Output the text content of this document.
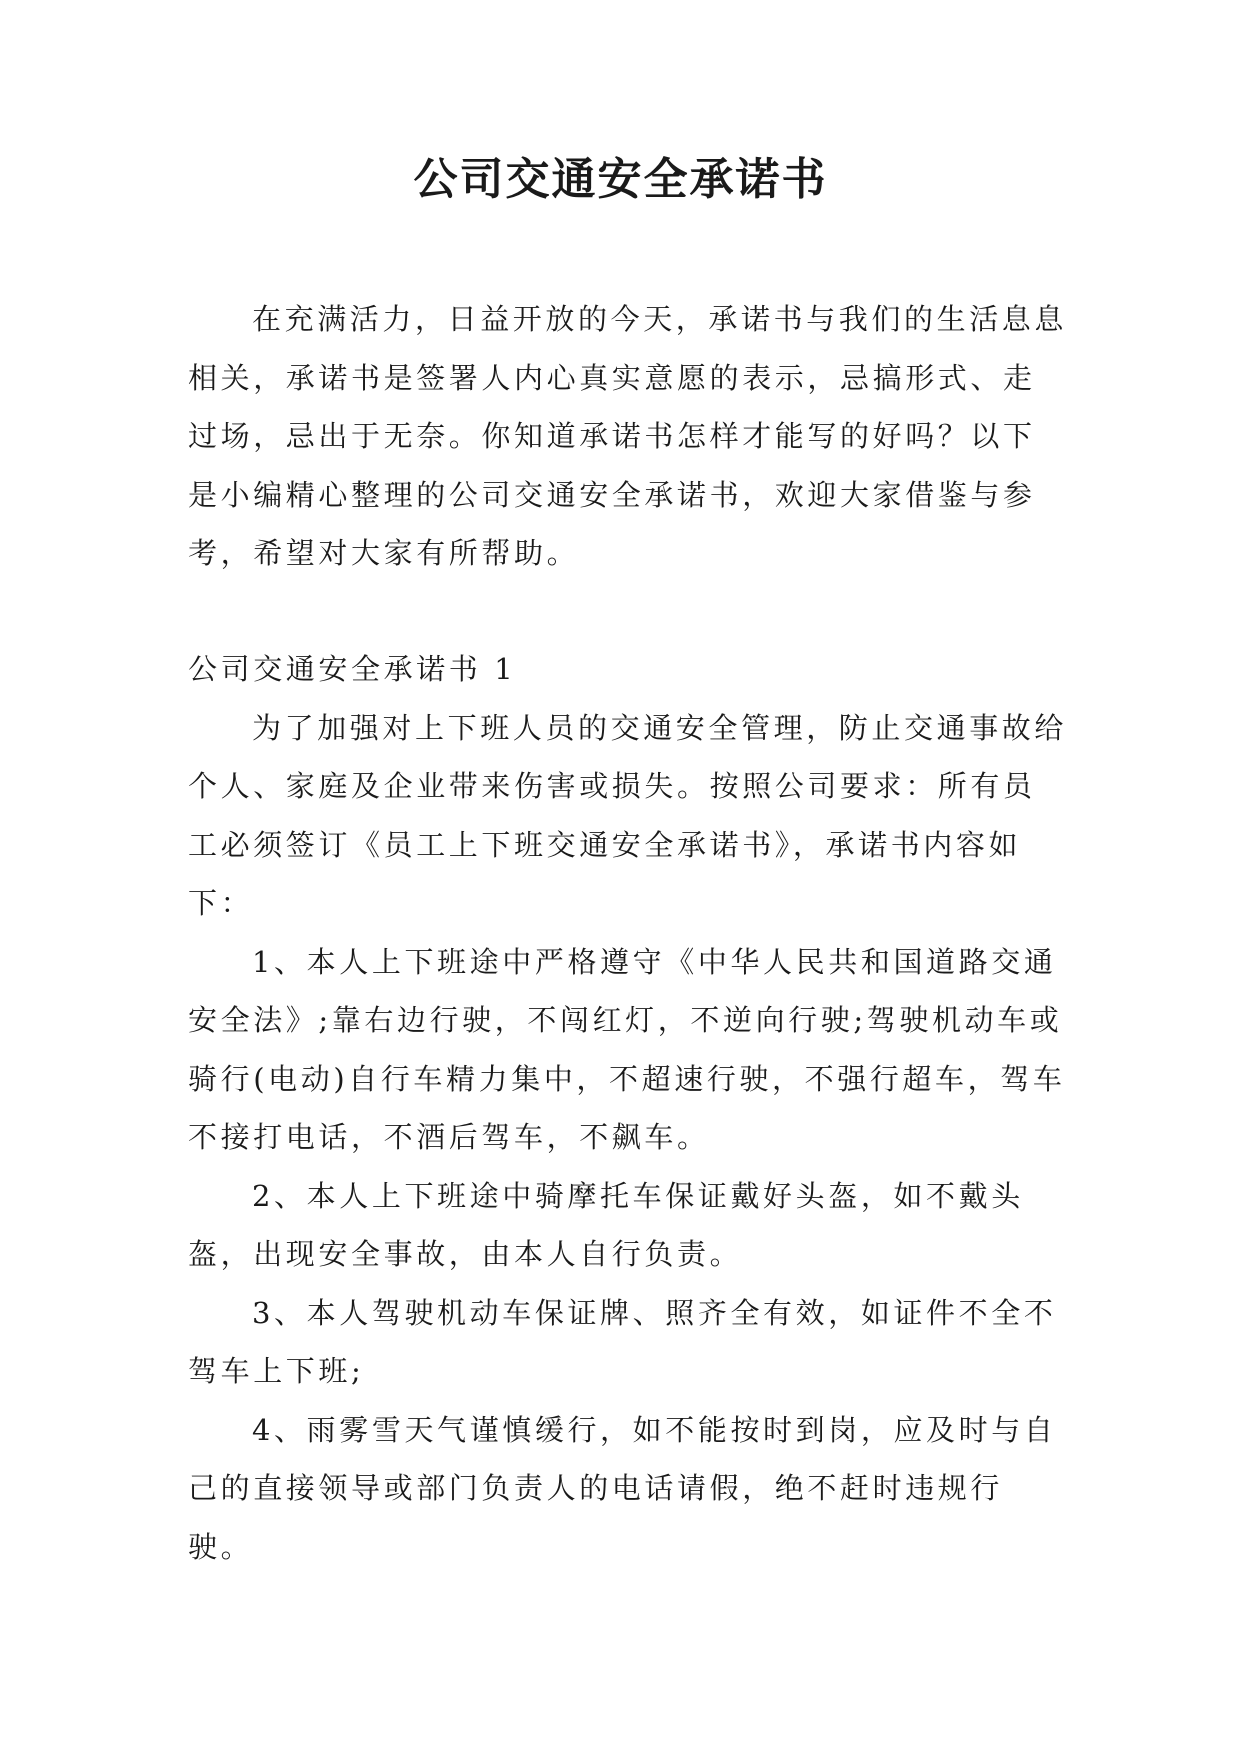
公司交通安全承诺书
在充满活力，日益开放的今天，承诺书与我们的生活息息相关，承诺书是签署人内心真实意愿的表示，忌搞形式、走过场，忌出于无奈。你知道承诺书怎样才能写的好吗？以下是小编精心整理的公司交通安全承诺书，欢迎大家借鉴与参考，希望对大家有所帮助。

公司交通安全承诺书 1

为了加强对上下班人员的交通安全管理，防止交通事故给个人、家庭及企业带来伤害或损失。按照公司要求：所有员工必须签订《员工上下班交通安全承诺书》，承诺书内容如下：

1、本人上下班途中严格遵守《中华人民共和国道路交通安全法》;靠右边行驶，不闯红灯，不逆向行驶;驾驶机动车或骑行(电动)自行车精力集中，不超速行驶，不强行超车，驾车不接打电话，不酒后驾车，不飙车。

2、本人上下班途中骑摩托车保证戴好头盔，如不戴头盔，出现安全事故，由本人自行负责。

3、本人驾驶机动车保证牌、照齐全有效，如证件不全不驾车上下班;

4、雨雾雪天气谨慎缓行，如不能按时到岗，应及时与自己的直接领导或部门负责人的电话请假，绝不赶时违规行驶。
